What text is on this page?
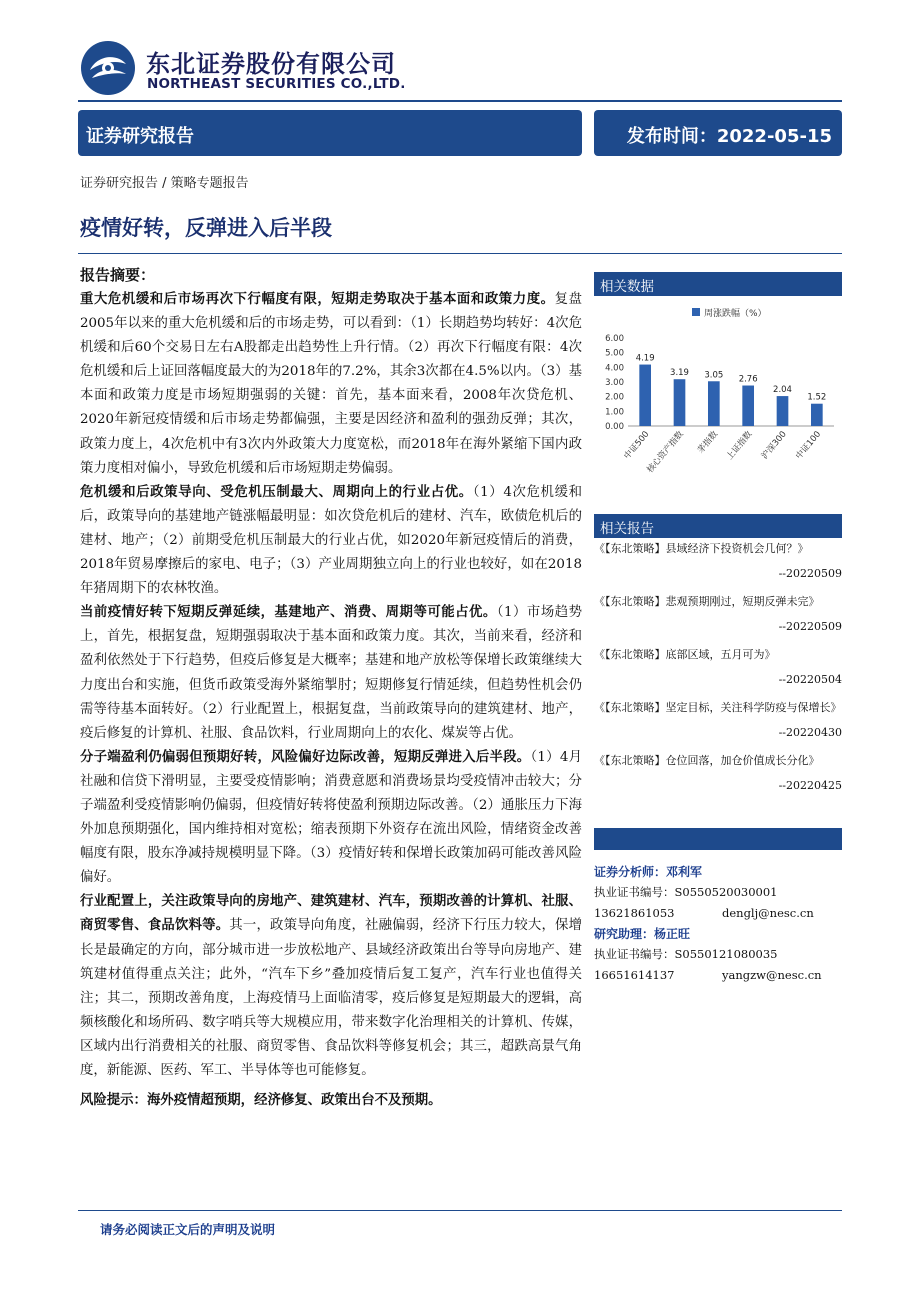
东北证券股份有限公司
NORTHEAST SECURITIES CO.,LTD.
证券研究报告	发布时间：2022-05-15
证券研究报告 / 策略专题报告
疫情好转，反弹进入后半段
报告摘要：
重大危机缓和后市场再次下行幅度有限，短期走势取决于基本面和政策力度。复盘2005年以来的重大危机缓和后的市场走势，可以看到：（1）长期趋势均转好：4次危机缓和后60个交易日左右A股都走出趋势性上升行情。（2）再次下行幅度有限：4次危机缓和后上证回落幅度最大的为2018年的7.2%，其余3次都在4.5%以内。（3）基本面和政策力度是市场短期强弱的关键：首先，基本面来看，2008年次贷危机、2020年新冠疫情缓和后市场走势都偏强，主要是因经济和盈利的强劲反弹；其次，政策力度上，4次危机中有3次内外政策大力度宽松，而2018年在海外紧缩下国内政策力度相对偏小，导致危机缓和后市场短期走势偏弱。
危机缓和后政策导向、受危机压制最大、周期向上的行业占优。（1）4次危机缓和后，政策导向的基建地产链涨幅最明显：如次贷危机后的建材、汽车，欧债危机后的建材、地产；（2）前期受危机压制最大的行业占优，如2020年新冠疫情后的消费，2018年贸易摩擦后的家电、电子；（3）产业周期独立向上的行业也较好，如在2018年猪周期下的农林牧渔。
当前疫情好转下短期反弹延续，基建地产、消费、周期等可能占优。（1）市场趋势上，首先，根据复盘，短期强弱取决于基本面和政策力度。其次，当前来看，经济和盈利依然处于下行趋势，但疫后修复是大概率；基建和地产放松等保增长政策继续大力度出台和实施，但货币政策受海外紧缩掣肘；短期修复行情延续，但趋势性机会仍需等待基本面转好。（2）行业配置上，根据复盘，当前政策导向的建筑建材、地产，疫后修复的计算机、社服、食品饮料，行业周期向上的农化、煤炭等占优。
分子端盈利仍偏弱但预期好转，风险偏好边际改善，短期反弹进入后半段。（1）4月社融和信贷下滑明显，主要受疫情影响；消费意愿和消费场景均受疫情冲击较大；分子端盈利受疫情影响仍偏弱，但疫情好转将使盈利预期边际改善。（2）通胀压力下海外加息预期强化，国内维持相对宽松；缩表预期下外资存在流出风险，情绪资金改善幅度有限，股东净减持规模明显下降。（3）疫情好转和保增长政策加码可能改善风险偏好。
行业配置上，关注政策导向的房地产、建筑建材、汽车，预期改善的计算机、社服、商贸零售、食品饮料等。其一，政策导向角度，社融偏弱，经济下行压力较大，保增长是最确定的方向，部分城市进一步放松地产、县域经济政策出台等导向房地产、建筑建材值得重点关注；此外，“汽车下乡”叠加疫情后复工复产，汽车行业也值得关注；其二，预期改善角度，上海疫情马上面临清零，疫后修复是短期最大的逻辑，高频核酸化和场所码、数字哨兵等大规模应用，带来数字化治理相关的计算机、传媒，区域内出行消费相关的社服、商贸零售、食品饮料等修复机会；其三，超跌高景气角度，新能源、医药、军工、半导体等也可能修复。
风险提示：海外疫情超预期，经济修复、政策出台不及预期。
相关数据
周涨跌幅（%）
0.00
1.00
2.00
3.00
4.00
5.00
6.00
4.19
中证500
3.19
核心资产指数
3.05
茅指数
2.76
上证指数
2.04
沪深300
1.52
中证100
相关报告
《【东北策略】县域经济下投资机会几何？》
--20220509
《【东北策略】悲观预期刚过，短期反弹未完》
--20220509
《【东北策略】底部区域，五月可为》
--20220504
《【东北策略】坚定目标，关注科学防疫与保增长》
--20220430
《【东北策略】仓位回落，加仓价值成长分化》
--20220425
证券分析师：邓利军
执业证书编号：S0550520030001
13621861053	denglj@nesc.cn
研究助理：杨正旺
执业证书编号：S0550121080035
16651614137	yangzw@nesc.cn
请务必阅读正文后的声明及说明
